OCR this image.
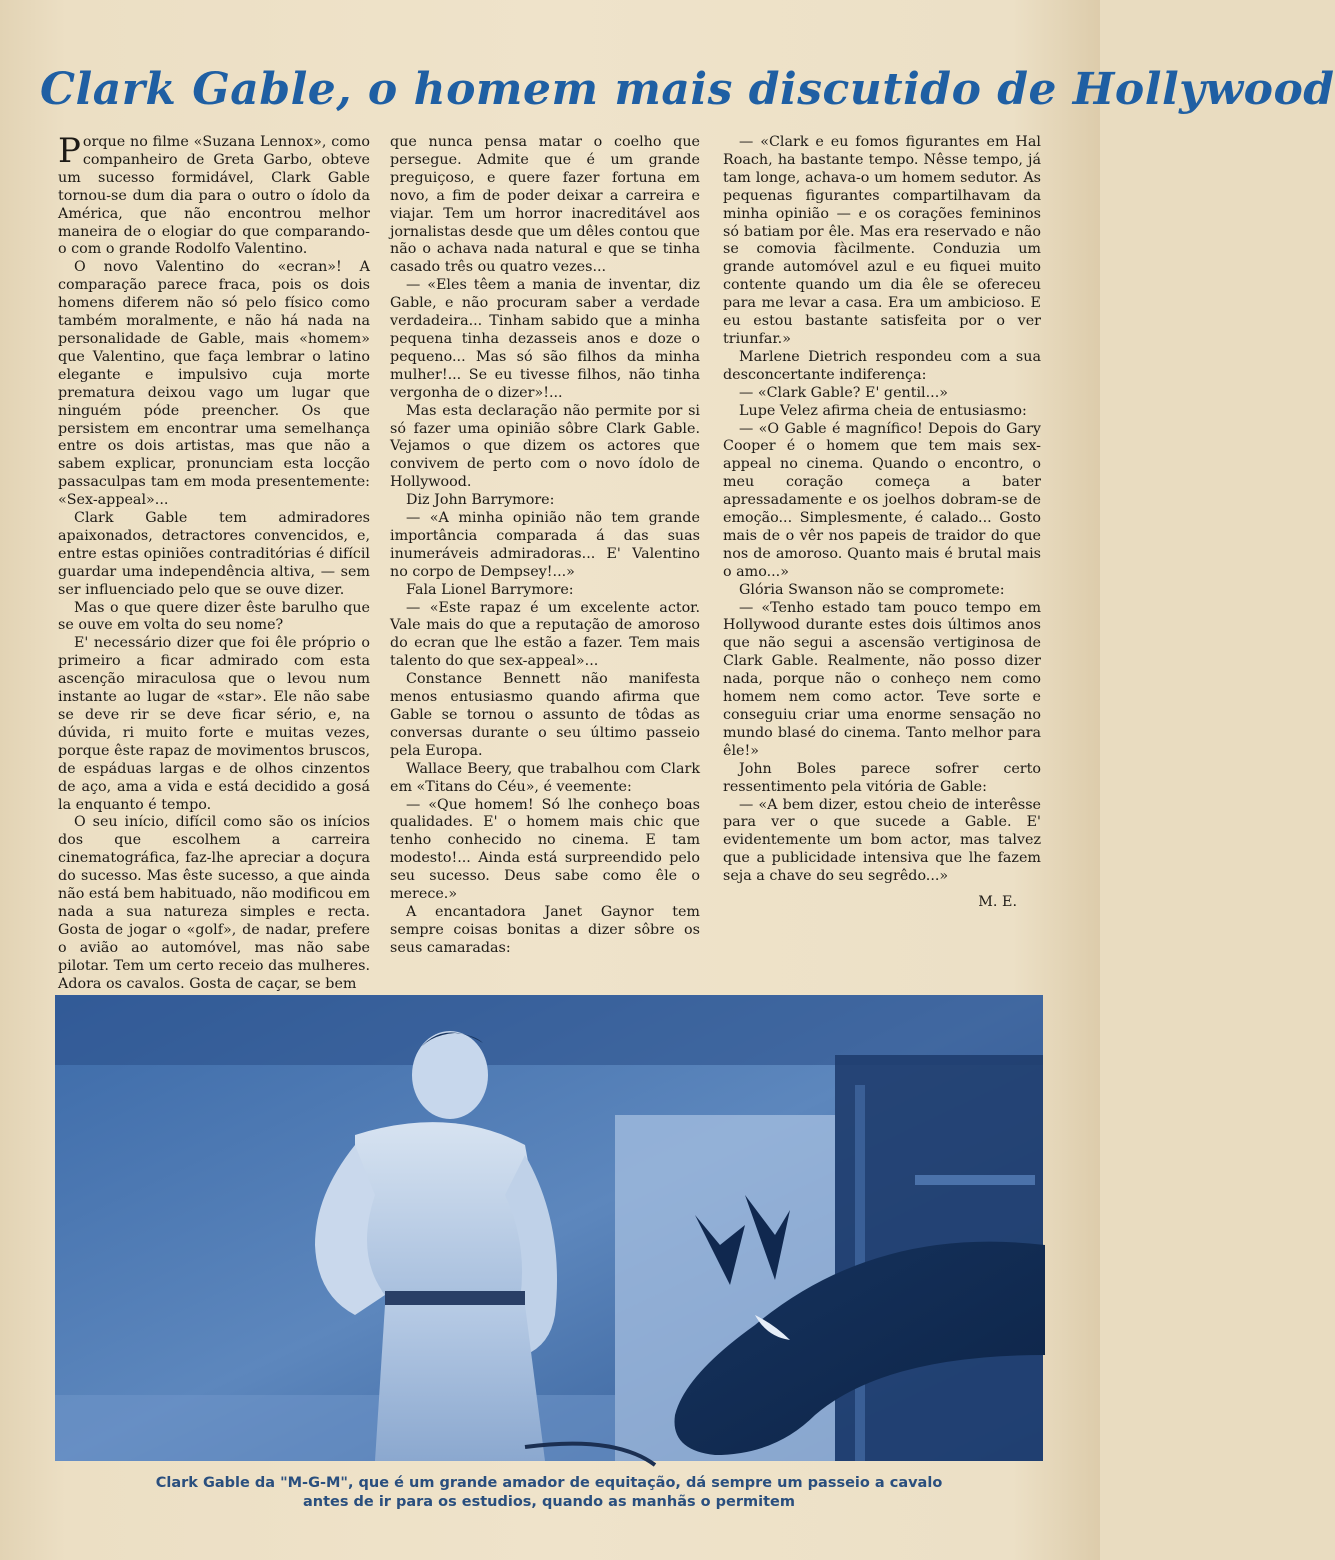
Clark Gable, o homem mais discutido de Hollywood

Porque no filme «Suzana Lennox», como companheiro de Greta Garbo, obteve um sucesso formidável, Clark Gable tornou-se dum dia para o outro o ídolo da América, que não encontrou melhor maneira de o elogiar do que comparando-o com o grande Rodolfo Valentino.

O novo Valentino do «ecran»! A comparação parece fraca, pois os dois homens diferem não só pelo físico como também moralmente, e não há nada na personalidade de Gable, mais «homem» que Valentino, que faça lembrar o latino elegante e impulsivo cuja morte prematura deixou vago um lugar que ninguém póde preencher. Os que persistem em encontrar uma semelhança entre os dois artistas, mas que não a sabem explicar, pronunciam esta locção passaculpas tam em moda presentemente: «Sex-appeal»...

Clark Gable tem admiradores apaixonados, detractores convencidos, e, entre estas opiniões contraditórias é difícil guardar uma independência altiva, — sem ser influenciado pelo que se ouve dizer.

Mas o que quere dizer êste barulho que se ouve em volta do seu nome?

E' necessário dizer que foi êle próprio o primeiro a ficar admirado com esta ascenção miraculosa que o levou num instante ao lugar de «star». Ele não sabe se deve rir se deve ficar sério, e, na dúvida, ri muito forte e muitas vezes, porque êste rapaz de movimentos bruscos, de espáduas largas e de olhos cinzentos de aço, ama a vida e está decidido a gosá la enquanto é tempo.

O seu início, difícil como são os inícios dos que escolhem a carreira cinematográfica, faz-lhe apreciar a doçura do sucesso. Mas êste sucesso, a que ainda não está bem habituado, não modificou em nada a sua natureza simples e recta. Gosta de jogar o «golf», de nadar, prefere o avião ao automóvel, mas não sabe pilotar. Tem um certo receio das mulheres. Adora os cavalos. Gosta de caçar, se bem

que nunca pensa matar o coelho que persegue. Admite que é um grande preguiçoso, e quere fazer fortuna em novo, a fim de poder deixar a carreira e viajar. Tem um horror inacreditável aos jornalistas desde que um dêles contou que não o achava nada natural e que se tinha casado três ou quatro vezes...

— «Eles têem a mania de inventar, diz Gable, e não procuram saber a verdade verdadeira... Tinham sabido que a minha pequena tinha dezasseis anos e doze o pequeno... Mas só são filhos da minha mulher!... Se eu tivesse filhos, não tinha vergonha de o dizer»!...

Mas esta declaração não permite por si só fazer uma opinião sôbre Clark Gable. Vejamos o que dizem os actores que convivem de perto com o novo ídolo de Hollywood.

Diz John Barrymore:

— «A minha opinião não tem grande importância comparada á das suas inumeráveis admiradoras... E' Valentino no corpo de Dempsey!...»

Fala Lionel Barrymore:

— «Este rapaz é um excelente actor. Vale mais do que a reputação de amoroso do ecran que lhe estão a fazer. Tem mais talento do que sex-appeal»...

Constance Bennett não manifesta menos entusiasmo quando afirma que Gable se tornou o assunto de tôdas as conversas durante o seu último passeio pela Europa.

Wallace Beery, que trabalhou com Clark em «Titans do Céu», é veemente:

— «Que homem! Só lhe conheço boas qualidades. E' o homem mais chic que tenho conhecido no cinema. E tam modesto!... Ainda está surpreendido pelo seu sucesso. Deus sabe como êle o merece.»

A encantadora Janet Gaynor tem sempre coisas bonitas a dizer sôbre os seus camaradas:

— «Clark e eu fomos figurantes em Hal Roach, ha bastante tempo. Nêsse tempo, já tam longe, achava-o um homem sedutor. As pequenas figurantes compartilhavam da minha opinião — e os corações femininos só batiam por êle. Mas era reservado e não se comovia fàcilmente. Conduzia um grande automóvel azul e eu fiquei muito contente quando um dia êle se ofereceu para me levar a casa. Era um ambicioso. E eu estou bastante satisfeita por o ver triunfar.»

Marlene Dietrich respondeu com a sua desconcertante indiferença:

— «Clark Gable? E' gentil...»

Lupe Velez afirma cheia de entusiasmo:

— «O Gable é magnífico! Depois do Gary Cooper é o homem que tem mais sex-appeal no cinema. Quando o encontro, o meu coração começa a bater apressadamente e os joelhos dobram-se de emoção... Simplesmente, é calado... Gosto mais de o vêr nos papeis de traidor do que nos de amoroso. Quanto mais é brutal mais o amo...»

Glória Swanson não se compromete:

— «Tenho estado tam pouco tempo em Hollywood durante estes dois últimos anos que não segui a ascensão vertiginosa de Clark Gable. Realmente, não posso dizer nada, porque não o conheço nem como homem nem como actor. Teve sorte e conseguiu criar uma enorme sensação no mundo blasé do cinema. Tanto melhor para êle!»

John Boles parece sofrer certo ressentimento pela vitória de Gable:

— «A bem dizer, estou cheio de interêsse para ver o que sucede a Gable. E' evidentemente um bom actor, mas talvez que a publicidade intensiva que lhe fazem seja a chave do seu segrêdo...»

M. E.

Clark Gable da "M-G-M", que é um grande amador de equitação, dá sempre um passeio a cavalo
antes de ir para os estudios, quando as manhãs o permitem
